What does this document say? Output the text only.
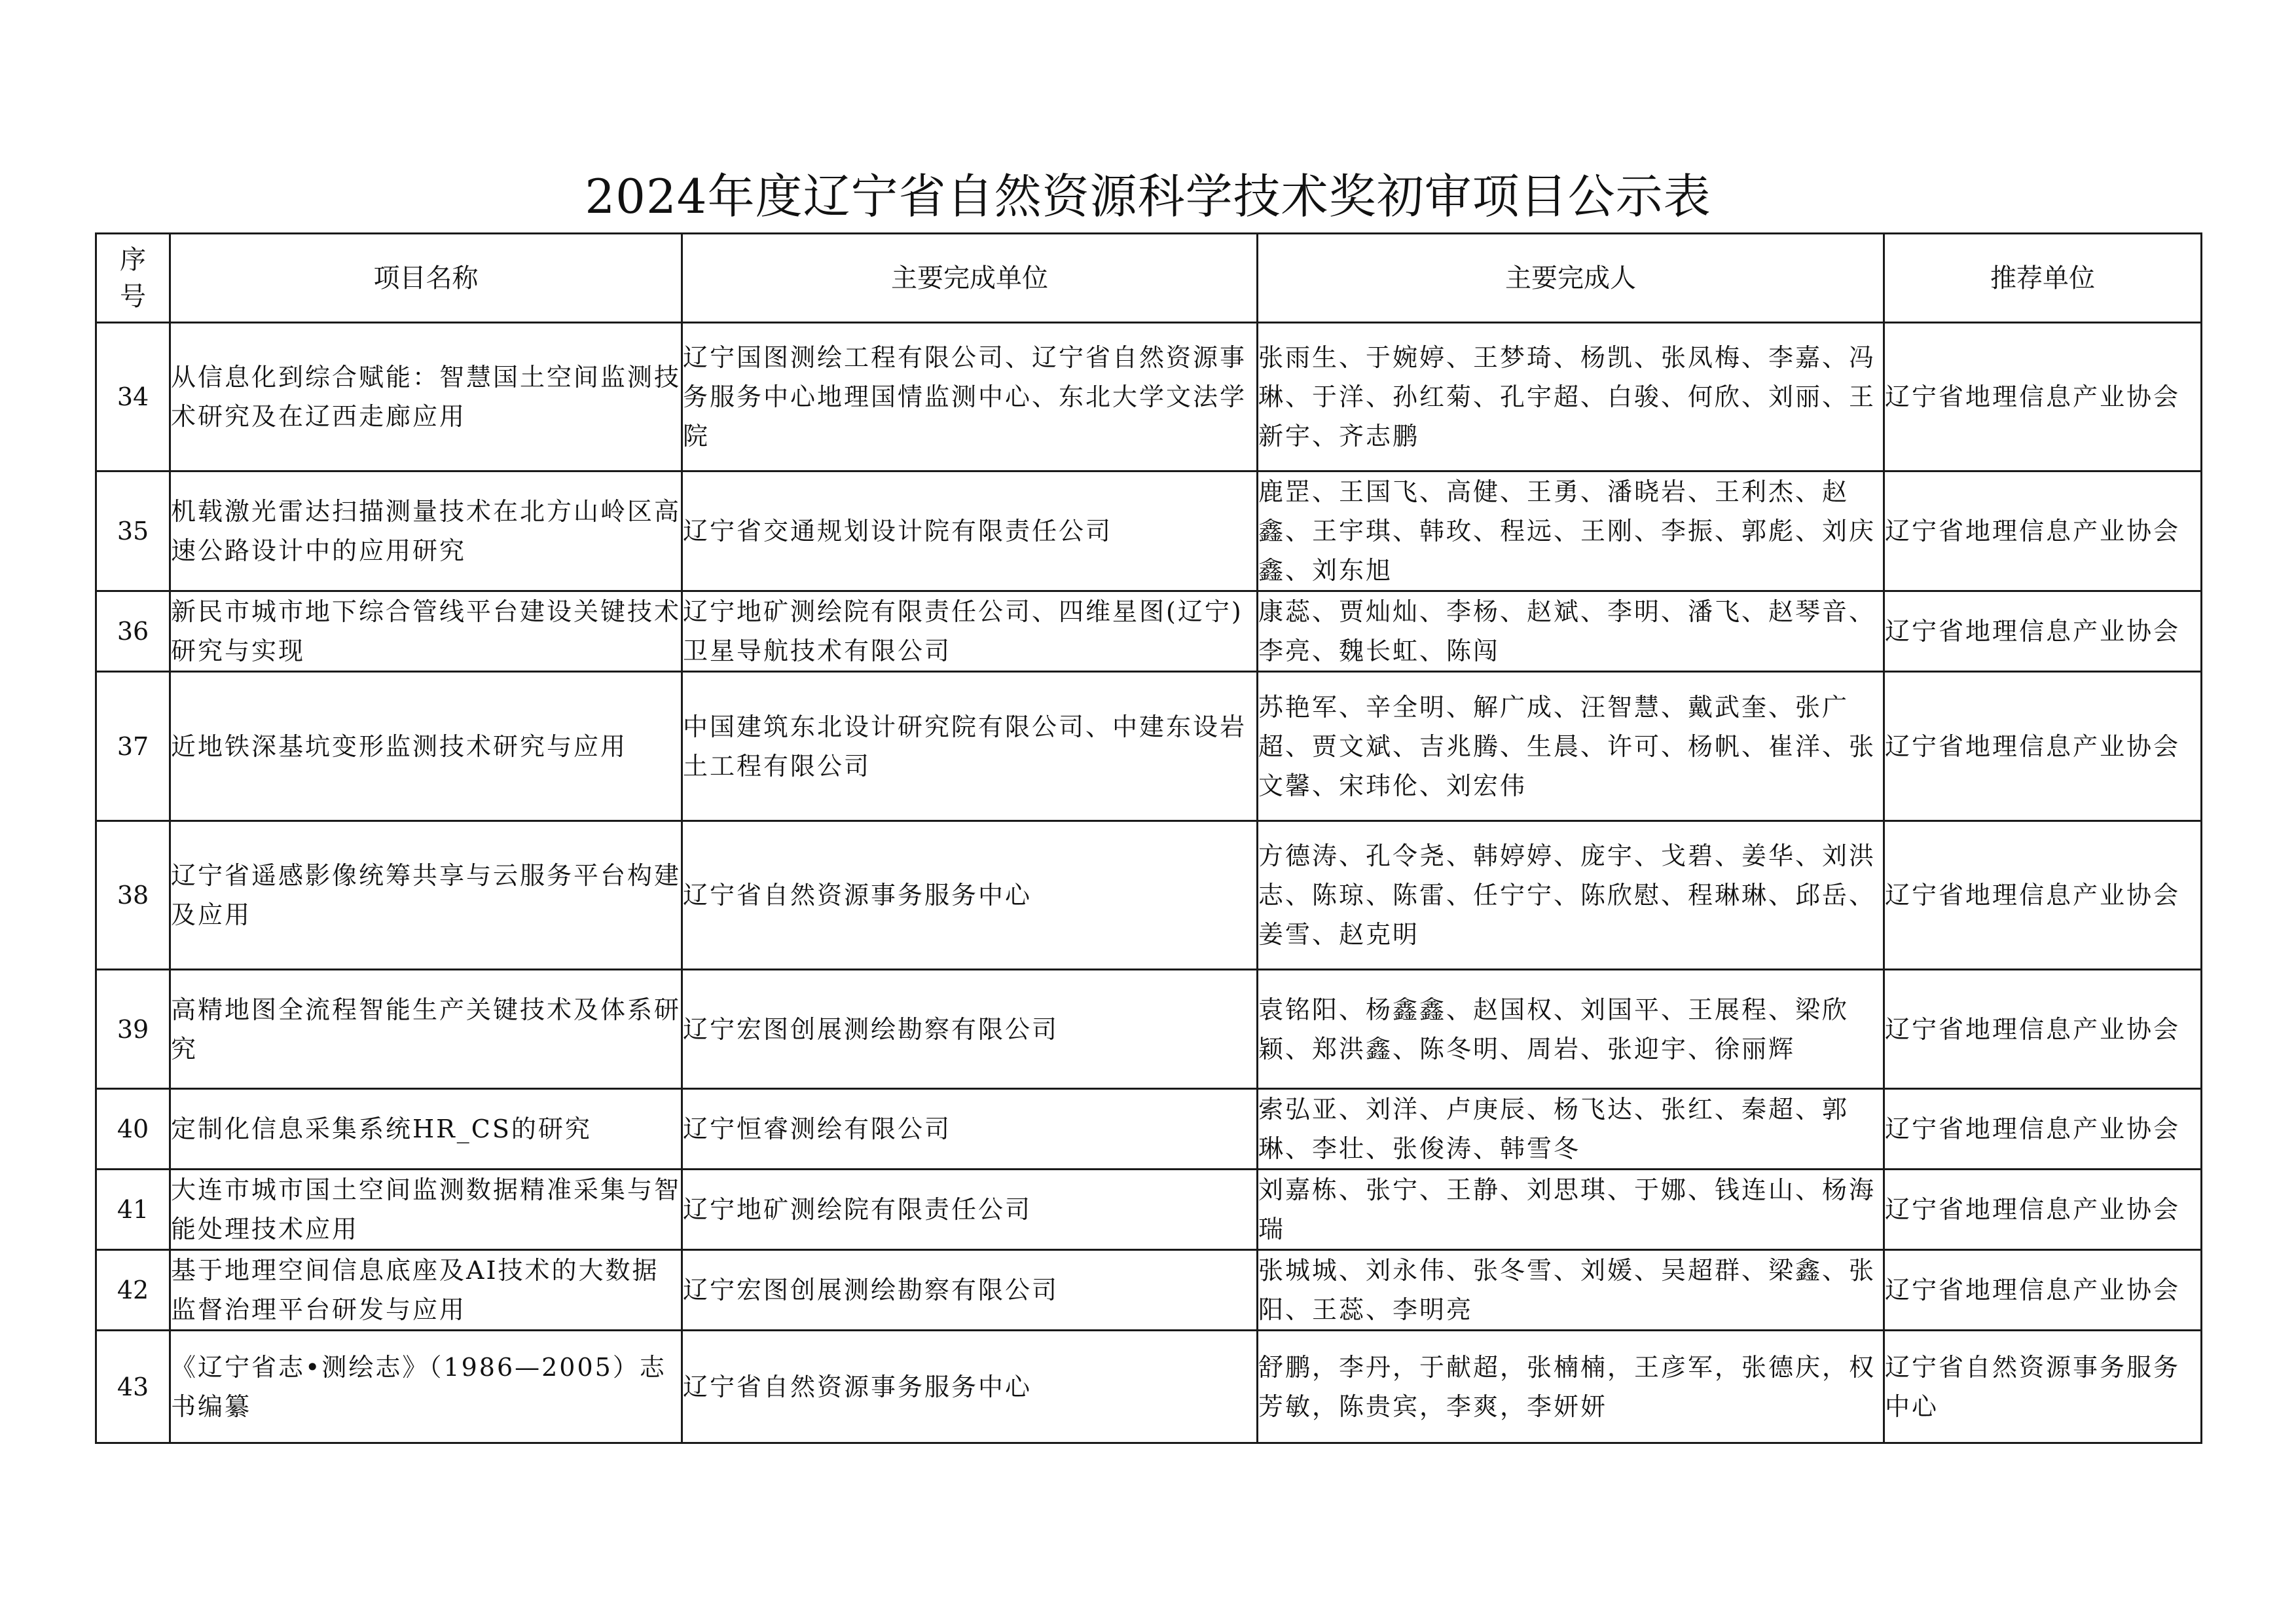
2024年度辽宁省自然资源科学技术奖初审项目公示表
序号	项目名称	主要完成单位	主要完成人	推荐单位
34	从信息化到综合赋能：智慧国土空间监测技术研究及在辽西走廊应用	辽宁国图测绘工程有限公司、辽宁省自然资源事务服务中心地理国情监测中心、东北大学文法学院	张雨生、于婉婷、王梦琦、杨凯、张凤梅、李嘉、冯琳、于洋、孙红菊、孔宇超、白骏、何欣、刘丽、王新宇、齐志鹏	辽宁省地理信息产业协会
35	机载激光雷达扫描测量技术在北方山岭区高速公路设计中的应用研究	辽宁省交通规划设计院有限责任公司	鹿罡、王国飞、高健、王勇、潘晓岩、王利杰、赵鑫、王宇琪、韩玫、程远、王刚、李振、郭彪、刘庆鑫、刘东旭	辽宁省地理信息产业协会
36	新民市城市地下综合管线平台建设关键技术研究与实现	辽宁地矿测绘院有限责任公司、四维星图(辽宁)卫星导航技术有限公司	康蕊、贾灿灿、李杨、赵斌、李明、潘飞、赵琴音、李亮、魏长虹、陈闯	辽宁省地理信息产业协会
37	近地铁深基坑变形监测技术研究与应用	中国建筑东北设计研究院有限公司、中建东设岩土工程有限公司	苏艳军、辛全明、解广成、汪智慧、戴武奎、张广超、贾文斌、吉兆腾、生晨、许可、杨帆、崔洋、张文馨、宋玮伦、刘宏伟	辽宁省地理信息产业协会
38	辽宁省遥感影像统筹共享与云服务平台构建及应用	辽宁省自然资源事务服务中心	方德涛、孔令尧、韩婷婷、庞宇、戈碧、姜华、刘洪志、陈琼、陈雷、任宁宁、陈欣慰、程琳琳、邱岳、姜雪、赵克明	辽宁省地理信息产业协会
39	高精地图全流程智能生产关键技术及体系研究	辽宁宏图创展测绘勘察有限公司	袁铭阳、杨鑫鑫、赵国权、刘国平、王展程、梁欣颖、郑洪鑫、陈冬明、周岩、张迎宇、徐丽辉	辽宁省地理信息产业协会
40	定制化信息采集系统HR_CS的研究	辽宁恒睿测绘有限公司	索弘亚、刘洋、卢庚辰、杨飞达、张红、秦超、郭琳、李壮、张俊涛、韩雪冬	辽宁省地理信息产业协会
41	大连市城市国土空间监测数据精准采集与智能处理技术应用	辽宁地矿测绘院有限责任公司	刘嘉栋、张宁、王静、刘思琪、于娜、钱连山、杨海瑞	辽宁省地理信息产业协会
42	基于地理空间信息底座及AI技术的大数据监督治理平台研发与应用	辽宁宏图创展测绘勘察有限公司	张城城、刘永伟、张冬雪、刘媛、吴超群、梁鑫、张阳、王蕊、李明亮	辽宁省地理信息产业协会
43	《辽宁省志•测绘志》（1986—2005）志书编纂	辽宁省自然资源事务服务中心	舒鹏，李丹，于献超，张楠楠，王彦军，张德庆，权芳敏，陈贵宾，李爽，李妍妍	辽宁省自然资源事务服务中心
